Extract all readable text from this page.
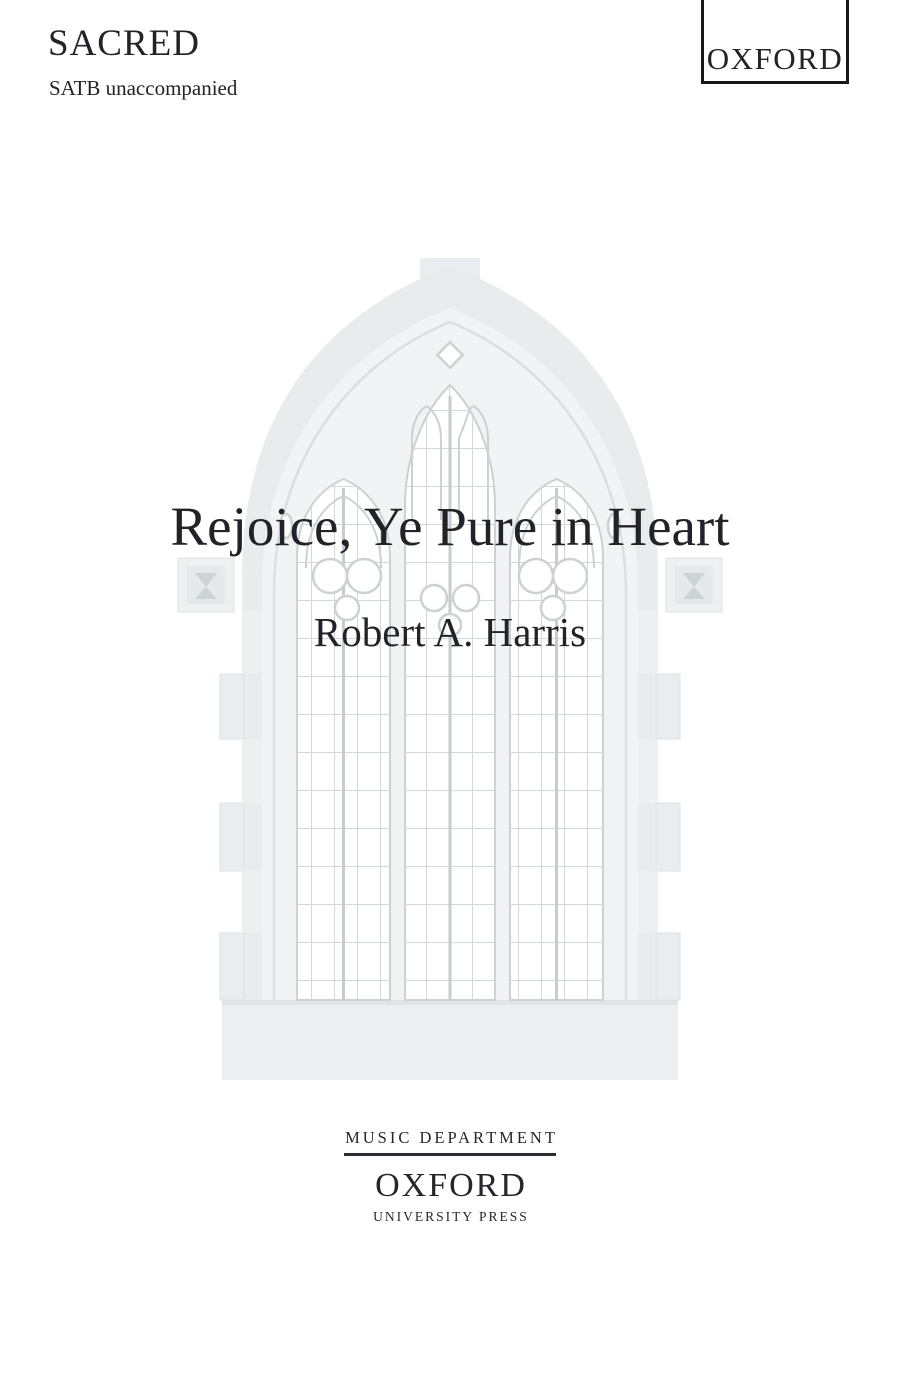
SACRED
SATB unaccompanied
OXFORD
Rejoice, Ye Pure in Heart
Robert A. Harris
MUSIC DEPARTMENT
OXFORD
UNIVERSITY PRESS
